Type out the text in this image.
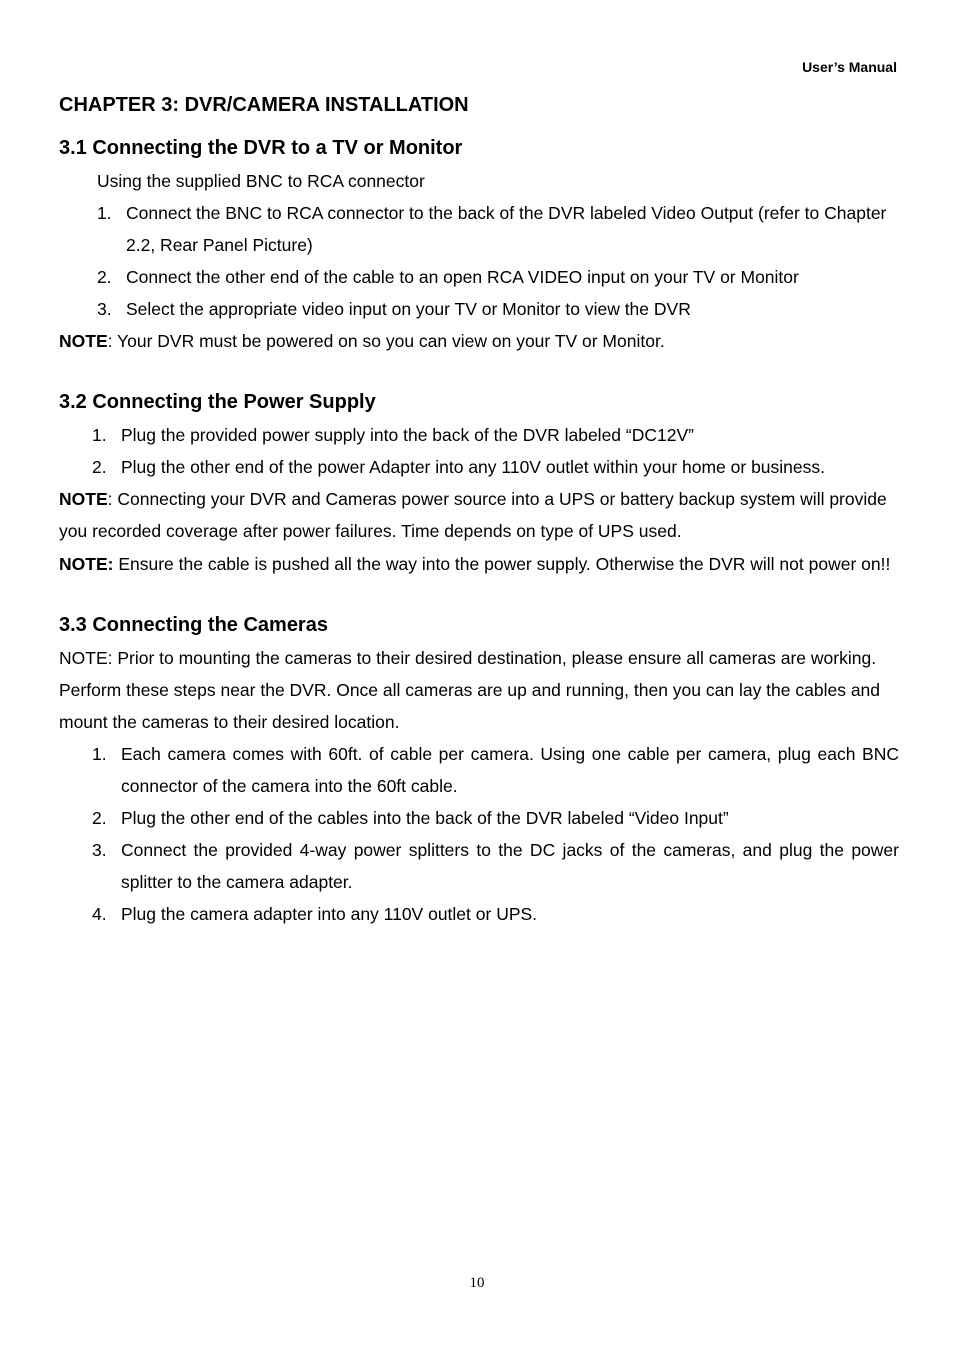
User’s Manual
CHAPTER 3: DVR/CAMERA INSTALLATION
3.1 Connecting the DVR to a TV or Monitor

Using the supplied BNC to RCA connector

1. Connect the BNC to RCA connector to the back of the DVR labeled Video Output (refer to Chapter 2.2, Rear Panel Picture)
2. Connect the other end of the cable to an open RCA VIDEO input on your TV or Monitor
3. Select the appropriate video input on your TV or Monitor to view the DVR

NOTE: Your DVR must be powered on so you can view on your TV or Monitor.

3.2 Connecting the Power Supply
1. Plug the provided power supply into the back of the DVR labeled “DC12V”
2. Plug the other end of the power Adapter into any 110V outlet within your home or business.

NOTE: Connecting your DVR and Cameras power source into a UPS or battery backup system will provide you recorded coverage after power failures. Time depends on type of UPS used.

NOTE: Ensure the cable is pushed all the way into the power supply. Otherwise the DVR will not power on!!

3.3 Connecting the Cameras

NOTE: Prior to mounting the cameras to their desired destination, please ensure all cameras are working. Perform these steps near the DVR. Once all cameras are up and running, then you can lay the cables and mount the cameras to their desired location.

1. Each camera comes with 60ft. of cable per camera. Using one cable per camera, plug each BNC connector of the camera into the 60ft cable.
2. Plug the other end of the cables into the back of the DVR labeled “Video Input”
3. Connect the provided 4-way power splitters to the DC jacks of the cameras, and plug the power splitter to the camera adapter.
4. Plug the camera adapter into any 110V outlet or UPS.
10
